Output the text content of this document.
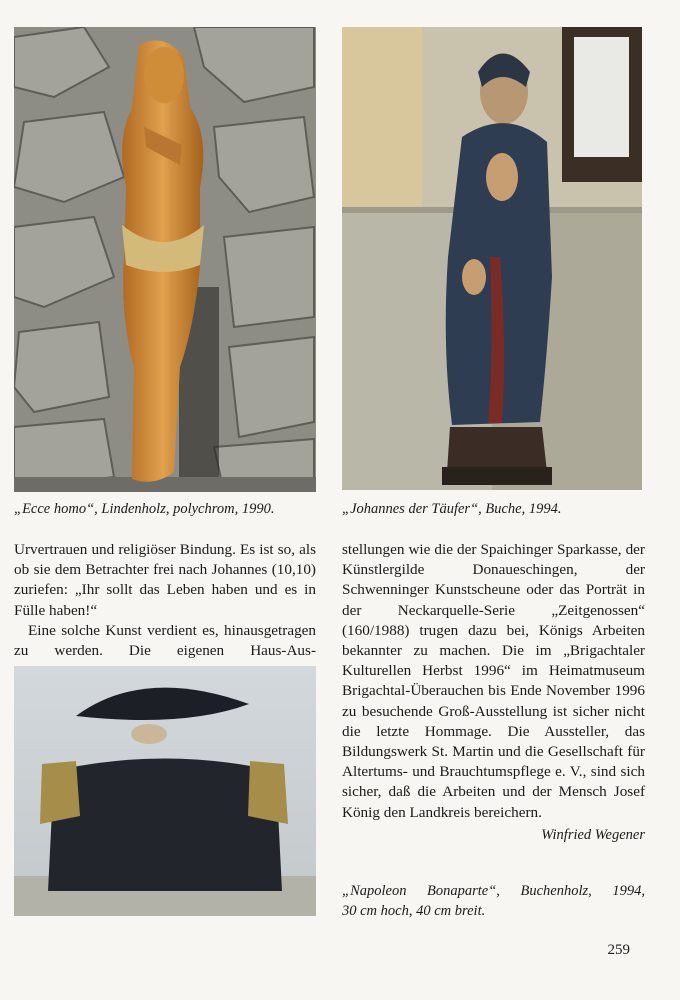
„Ecce homo“, Lindenholz, polychrom, 1990.	„Johannes der Täufer“, Buche, 1994.

Urvertrauen und religiöser Bindung. Es ist so, als ob sie dem Betrachter frei nach Johannes (10,10) zuriefen: „Ihr sollt das Leben haben und es in Fülle haben!“

Eine solche Kunst verdient es, hinausgetragen zu werden. Die eigenen Haus-Aus-

stellungen wie die der Spaichinger Sparkasse, der Künstlergilde Donaueschingen, der Schwenninger Kunstscheune oder das Porträt in der Neckarquelle-Serie „Zeitgenossen“ (160/1988) trugen dazu bei, Königs Arbeiten bekannter zu machen. Die im „Brigachtaler Kulturellen Herbst 1996“ im Heimatmuseum Brigachtal-Überauchen bis Ende November 1996 zu besuchende Groß-Ausstellung ist sicher nicht die letzte Hommage. Die Aussteller, das Bildungswerk St. Martin und die Gesellschaft für Altertums- und Brauchtumspflege e. V., sind sich sicher, daß die Arbeiten und der Mensch Josef König den Landkreis bereichern.

Winfried Wegener

„Napoleon Bonaparte“, Buchenholz, 1994,

30 cm hoch, 40 cm breit.

259
